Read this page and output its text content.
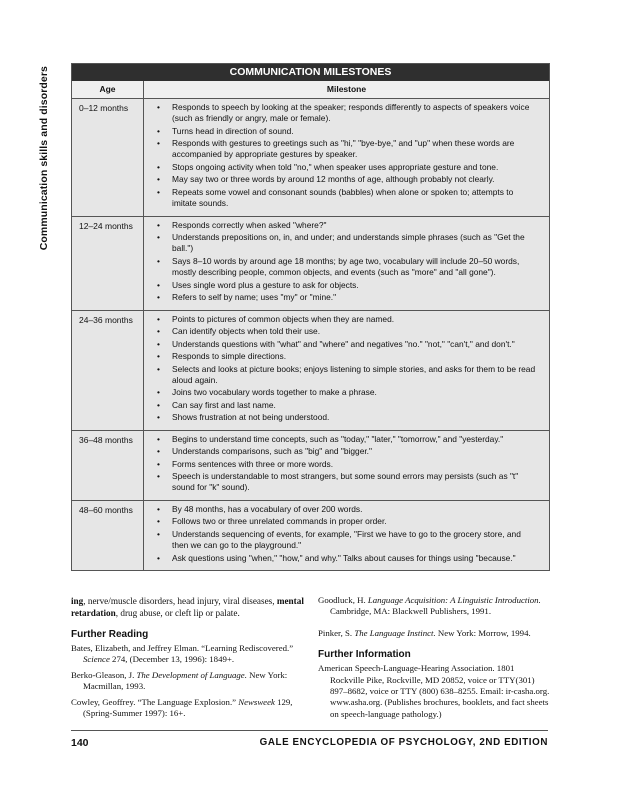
Communication skills and disorders	COMMUNICATION MILESTONES
Age	Milestone
0–12 months	• Responds to speech by looking at the speaker; responds differently to aspects of speakers voice (such as friendly or angry, male or female).
• Turns head in direction of sound.
• Responds with gestures to greetings such as "hi," "bye-bye," and "up" when these words are accompanied by appropriate gestures by speaker.
• Stops ongoing activity when told "no," when speaker uses appropriate gesture and tone.
• May say two or three words by around 12 months of age, although probably not clearly.
• Repeats some vowel and consonant sounds (babbles) when alone or spoken to; attempts to imitate sounds.
12–24 months	• Responds correctly when asked "where?"
• Understands prepositions on, in, and under; and understands simple phrases (such as "Get the ball.")
• Says 8–10 words by around age 18 months; by age two, vocabulary will include 20–50 words, mostly describing people, common objects, and events (such as "more" and "all gone").
• Uses single word plus a gesture to ask for objects.
• Refers to self by name; uses "my" or "mine."
24–36 months	• Points to pictures of common objects when they are named.
• Can identify objects when told their use.
• Understands questions with "what" and "where" and negatives "no." "not," "can't," and don't."
• Responds to simple directions.
• Selects and looks at picture books; enjoys listening to simple stories, and asks for them to be read aloud again.
• Joins two vocabulary words together to make a phrase.
• Can say first and last name.
• Shows frustration at not being understood.
36–48 months	• Begins to understand time concepts, such as "today," "later," "tomorrow," and "yesterday."
• Understands comparisons, such as "big" and "bigger."
• Forms sentences with three or more words.
• Speech is understandable to most strangers, but some sound errors may persists (such as "t" sound for "k" sound).
48–60 months	• By 48 months, has a vocabulary of over 200 words.
• Follows two or three unrelated commands in proper order.
• Understands sequencing of events, for example, "First we have to go to the grocery store, and then we can go to the playground."
• Ask questions using "when," "how," and why." Talks about causes for things using "because."

ing, nerve/muscle disorders, head injury, viral diseases, mental retardation, drug abuse, or cleft lip or palate.

Further Reading

Bates, Elizabeth, and Jeffrey Elman. “Learning Rediscovered.” Science 274, (December 13, 1996): 1849+.

Berko-Gleason, J. The Development of Language. New York: Macmillan, 1993.

Cowley, Geoffrey. “The Language Explosion.” Newsweek 129, (Spring-Summer 1997): 16+.

Goodluck, H. Language Acquisition: A Linguistic Introduction. Cambridge, MA: Blackwell Publishers, 1991.

Pinker, S. The Language Instinct. New York: Morrow, 1994.

Further Information

American Speech-Language-Hearing Association. 1801 Rockville Pike, Rockville, MD 20852, voice or TTY(301) 897–8682, voice or TTY (800) 638–8255. Email: ir-casha.org. www.asha.org. (Publishes brochures, booklets, and fact sheets on speech-language pathology.)

140	GALE ENCYCLOPEDIA OF PSYCHOLOGY, 2ND EDITION
